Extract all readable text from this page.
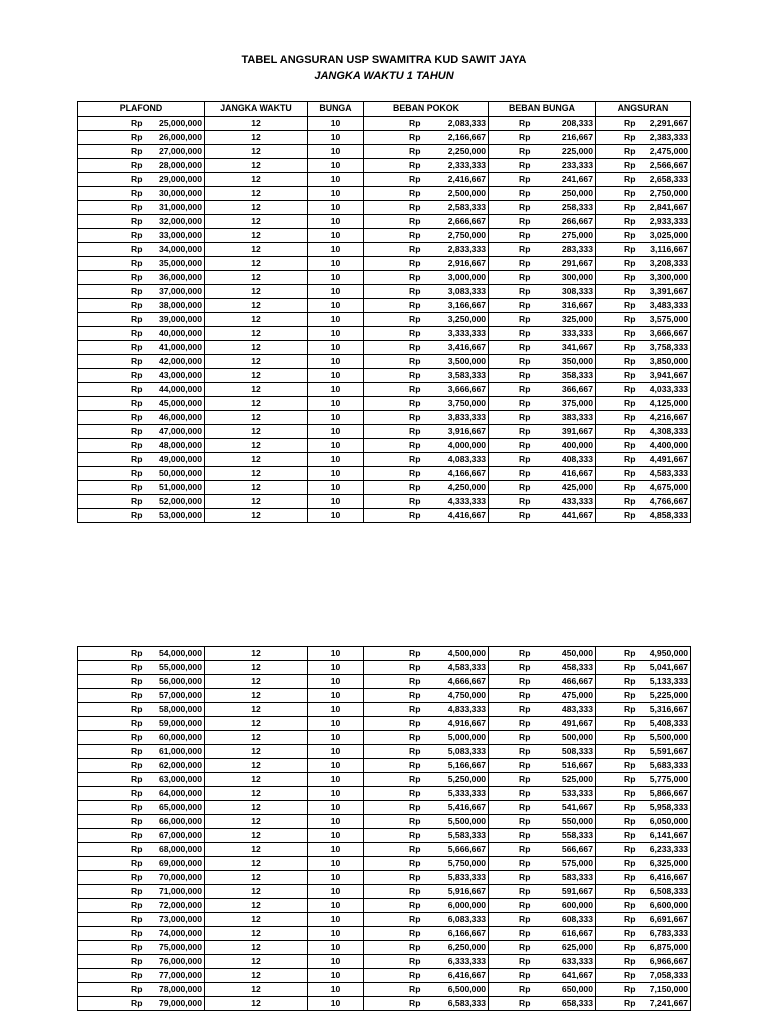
TABEL ANGSURAN USP SWAMITRA KUD SAWIT JAYA
JANGKA WAKTU 1 TAHUN
PLAFOND	JANGKA WAKTU	BUNGA	BEBAN POKOK	BEBAN BUNGA	ANGSURAN

Rp 25,000,000	12	10	Rp 2,083,333	Rp 208,333	Rp 2,291,667

Rp 26,000,000	12	10	Rp 2,166,667	Rp 216,667	Rp 2,383,333

Rp 27,000,000	12	10	Rp 2,250,000	Rp 225,000	Rp 2,475,000

Rp 28,000,000	12	10	Rp 2,333,333	Rp 233,333	Rp 2,566,667

Rp 29,000,000	12	10	Rp 2,416,667	Rp 241,667	Rp 2,658,333

Rp 30,000,000	12	10	Rp 2,500,000	Rp 250,000	Rp 2,750,000

Rp 31,000,000	12	10	Rp 2,583,333	Rp 258,333	Rp 2,841,667

Rp 32,000,000	12	10	Rp 2,666,667	Rp 266,667	Rp 2,933,333

Rp 33,000,000	12	10	Rp 2,750,000	Rp 275,000	Rp 3,025,000

Rp 34,000,000	12	10	Rp 2,833,333	Rp 283,333	Rp 3,116,667

Rp 35,000,000	12	10	Rp 2,916,667	Rp 291,667	Rp 3,208,333

Rp 36,000,000	12	10	Rp 3,000,000	Rp 300,000	Rp 3,300,000

Rp 37,000,000	12	10	Rp 3,083,333	Rp 308,333	Rp 3,391,667

Rp 38,000,000	12	10	Rp 3,166,667	Rp 316,667	Rp 3,483,333

Rp 39,000,000	12	10	Rp 3,250,000	Rp 325,000	Rp 3,575,000

Rp 40,000,000	12	10	Rp 3,333,333	Rp 333,333	Rp 3,666,667

Rp 41,000,000	12	10	Rp 3,416,667	Rp 341,667	Rp 3,758,333

Rp 42,000,000	12	10	Rp 3,500,000	Rp 350,000	Rp 3,850,000

Rp 43,000,000	12	10	Rp 3,583,333	Rp 358,333	Rp 3,941,667

Rp 44,000,000	12	10	Rp 3,666,667	Rp 366,667	Rp 4,033,333

Rp 45,000,000	12	10	Rp 3,750,000	Rp 375,000	Rp 4,125,000

Rp 46,000,000	12	10	Rp 3,833,333	Rp 383,333	Rp 4,216,667

Rp 47,000,000	12	10	Rp 3,916,667	Rp 391,667	Rp 4,308,333

Rp 48,000,000	12	10	Rp 4,000,000	Rp 400,000	Rp 4,400,000

Rp 49,000,000	12	10	Rp 4,083,333	Rp 408,333	Rp 4,491,667

Rp 50,000,000	12	10	Rp 4,166,667	Rp 416,667	Rp 4,583,333

Rp 51,000,000	12	10	Rp 4,250,000	Rp 425,000	Rp 4,675,000

Rp 52,000,000	12	10	Rp 4,333,333	Rp 433,333	Rp 4,766,667

Rp 53,000,000	12	10	Rp 4,416,667	Rp 441,667	Rp 4,858,333
Rp 54,000,000	12	10	Rp 4,500,000	Rp 450,000	Rp 4,950,000

Rp 55,000,000	12	10	Rp 4,583,333	Rp 458,333	Rp 5,041,667

Rp 56,000,000	12	10	Rp 4,666,667	Rp 466,667	Rp 5,133,333

Rp 57,000,000	12	10	Rp 4,750,000	Rp 475,000	Rp 5,225,000

Rp 58,000,000	12	10	Rp 4,833,333	Rp 483,333	Rp 5,316,667

Rp 59,000,000	12	10	Rp 4,916,667	Rp 491,667	Rp 5,408,333

Rp 60,000,000	12	10	Rp 5,000,000	Rp 500,000	Rp 5,500,000

Rp 61,000,000	12	10	Rp 5,083,333	Rp 508,333	Rp 5,591,667

Rp 62,000,000	12	10	Rp 5,166,667	Rp 516,667	Rp 5,683,333

Rp 63,000,000	12	10	Rp 5,250,000	Rp 525,000	Rp 5,775,000

Rp 64,000,000	12	10	Rp 5,333,333	Rp 533,333	Rp 5,866,667

Rp 65,000,000	12	10	Rp 5,416,667	Rp 541,667	Rp 5,958,333

Rp 66,000,000	12	10	Rp 5,500,000	Rp 550,000	Rp 6,050,000

Rp 67,000,000	12	10	Rp 5,583,333	Rp 558,333	Rp 6,141,667

Rp 68,000,000	12	10	Rp 5,666,667	Rp 566,667	Rp 6,233,333

Rp 69,000,000	12	10	Rp 5,750,000	Rp 575,000	Rp 6,325,000

Rp 70,000,000	12	10	Rp 5,833,333	Rp 583,333	Rp 6,416,667

Rp 71,000,000	12	10	Rp 5,916,667	Rp 591,667	Rp 6,508,333

Rp 72,000,000	12	10	Rp 6,000,000	Rp 600,000	Rp 6,600,000

Rp 73,000,000	12	10	Rp 6,083,333	Rp 608,333	Rp 6,691,667

Rp 74,000,000	12	10	Rp 6,166,667	Rp 616,667	Rp 6,783,333

Rp 75,000,000	12	10	Rp 6,250,000	Rp 625,000	Rp 6,875,000

Rp 76,000,000	12	10	Rp 6,333,333	Rp 633,333	Rp 6,966,667

Rp 77,000,000	12	10	Rp 6,416,667	Rp 641,667	Rp 7,058,333

Rp 78,000,000	12	10	Rp 6,500,000	Rp 650,000	Rp 7,150,000

Rp 79,000,000	12	10	Rp 6,583,333	Rp 658,333	Rp 7,241,667
